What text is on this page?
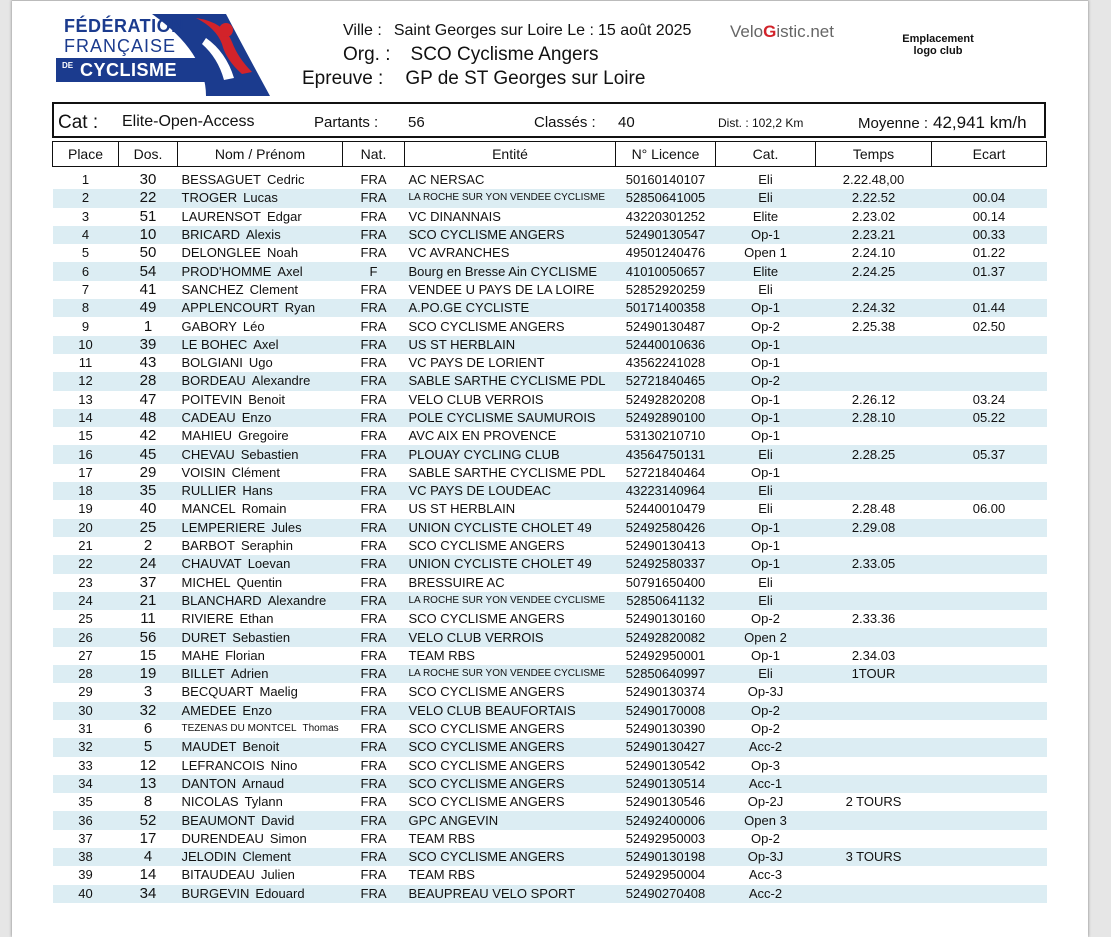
FÉDÉRATION
FRANÇAISE
DE CYCLISME
Ville : Saint Georges sur Loire Le : 15 août 2025 VeloGistic.net
Org. : SCO Cyclisme Angers
Epreuve : GP de ST Georges sur Loire
Emplacement
logo club
Cat : Elite-Open-Access	Partants : 56	Classés : 40	Dist. : 102,2 Km	Moyenne : 42,941 km/h
Place	Dos.	Nom / Prénom	Nat.	Entité	N° Licence	Cat.	Temps	Ecart

1	30	BESSAGUET Cedric	FRA	AC NERSAC	50160140107	Eli	2.22.48,00	
2	22	TROGER Lucas	FRA	LA ROCHE SUR YON VENDEE CYCLISME	52850641005	Eli	2.22.52	00.04
3	51	LAURENSOT Edgar	FRA	VC DINANNAIS	43220301252	Elite	2.23.02	00.14
4	10	BRICARD Alexis	FRA	SCO CYCLISME ANGERS	52490130547	Op-1	2.23.21	00.33
5	50	DELONGLEE Noah	FRA	VC AVRANCHES	49501240476	Open 1	2.24.10	01.22
6	54	PROD'HOMME Axel	F	Bourg en Bresse Ain CYCLISME	41010050657	Elite	2.24.25	01.37
7	41	SANCHEZ Clement	FRA	VENDEE U PAYS DE LA LOIRE	52852920259	Eli		
8	49	APPLENCOURT Ryan	FRA	A.PO.GE CYCLISTE	50171400358	Op-1	2.24.32	01.44
9	1	GABORY Léo	FRA	SCO CYCLISME ANGERS	52490130487	Op-2	2.25.38	02.50
10	39	LE BOHEC Axel	FRA	US ST HERBLAIN	52440010636	Op-1		
11	43	BOLGIANI Ugo	FRA	VC PAYS DE LORIENT	43562241028	Op-1		
12	28	BORDEAU Alexandre	FRA	SABLE SARTHE CYCLISME PDL	52721840465	Op-2		
13	47	POITEVIN Benoit	FRA	VELO CLUB VERROIS	52492820208	Op-1	2.26.12	03.24
14	48	CADEAU Enzo	FRA	POLE CYCLISME SAUMUROIS	52492890100	Op-1	2.28.10	05.22
15	42	MAHIEU Gregoire	FRA	AVC AIX EN PROVENCE	53130210710	Op-1		
16	45	CHEVAU Sebastien	FRA	PLOUAY CYCLING CLUB	43564750131	Eli	2.28.25	05.37
17	29	VOISIN Clément	FRA	SABLE SARTHE CYCLISME PDL	52721840464	Op-1		
18	35	RULLIER Hans	FRA	VC PAYS DE LOUDEAC	43223140964	Eli		
19	40	MANCEL Romain	FRA	US ST HERBLAIN	52440010479	Eli	2.28.48	06.00
20	25	LEMPERIERE Jules	FRA	UNION CYCLISTE CHOLET 49	52492580426	Op-1	2.29.08	
21	2	BARBOT Seraphin	FRA	SCO CYCLISME ANGERS	52490130413	Op-1		
22	24	CHAUVAT Loevan	FRA	UNION CYCLISTE CHOLET 49	52492580337	Op-1	2.33.05	
23	37	MICHEL Quentin	FRA	BRESSUIRE AC	50791650400	Eli		
24	21	BLANCHARD Alexandre	FRA	LA ROCHE SUR YON VENDEE CYCLISME	52850641132	Eli		
25	11	RIVIERE Ethan	FRA	SCO CYCLISME ANGERS	52490130160	Op-2	2.33.36	
26	56	DURET Sebastien	FRA	VELO CLUB VERROIS	52492820082	Open 2		
27	15	MAHE Florian	FRA	TEAM RBS	52492950001	Op-1	2.34.03	
28	19	BILLET Adrien	FRA	LA ROCHE SUR YON VENDEE CYCLISME	52850640997	Eli	1TOUR	
29	3	BECQUART Maelig	FRA	SCO CYCLISME ANGERS	52490130374	Op-3J		
30	32	AMEDEE Enzo	FRA	VELO CLUB BEAUFORTAIS	52490170008	Op-2		
31	6	TEZENAS DU MONTCEL Thomas	FRA	SCO CYCLISME ANGERS	52490130390	Op-2		
32	5	MAUDET Benoit	FRA	SCO CYCLISME ANGERS	52490130427	Acc-2		
33	12	LEFRANCOIS Nino	FRA	SCO CYCLISME ANGERS	52490130542	Op-3		
34	13	DANTON Arnaud	FRA	SCO CYCLISME ANGERS	52490130514	Acc-1		
35	8	NICOLAS Tylann	FRA	SCO CYCLISME ANGERS	52490130546	Op-2J	2 TOURS	
36	52	BEAUMONT David	FRA	GPC ANGEVIN	52492400006	Open 3		
37	17	DURENDEAU Simon	FRA	TEAM RBS	52492950003	Op-2		
38	4	JELODIN Clement	FRA	SCO CYCLISME ANGERS	52490130198	Op-3J	3 TOURS	
39	14	BITAUDEAU Julien	FRA	TEAM RBS	52492950004	Acc-3		
40	34	BURGEVIN Edouard	FRA	BEAUPREAU VELO SPORT	52490270408	Acc-2		
